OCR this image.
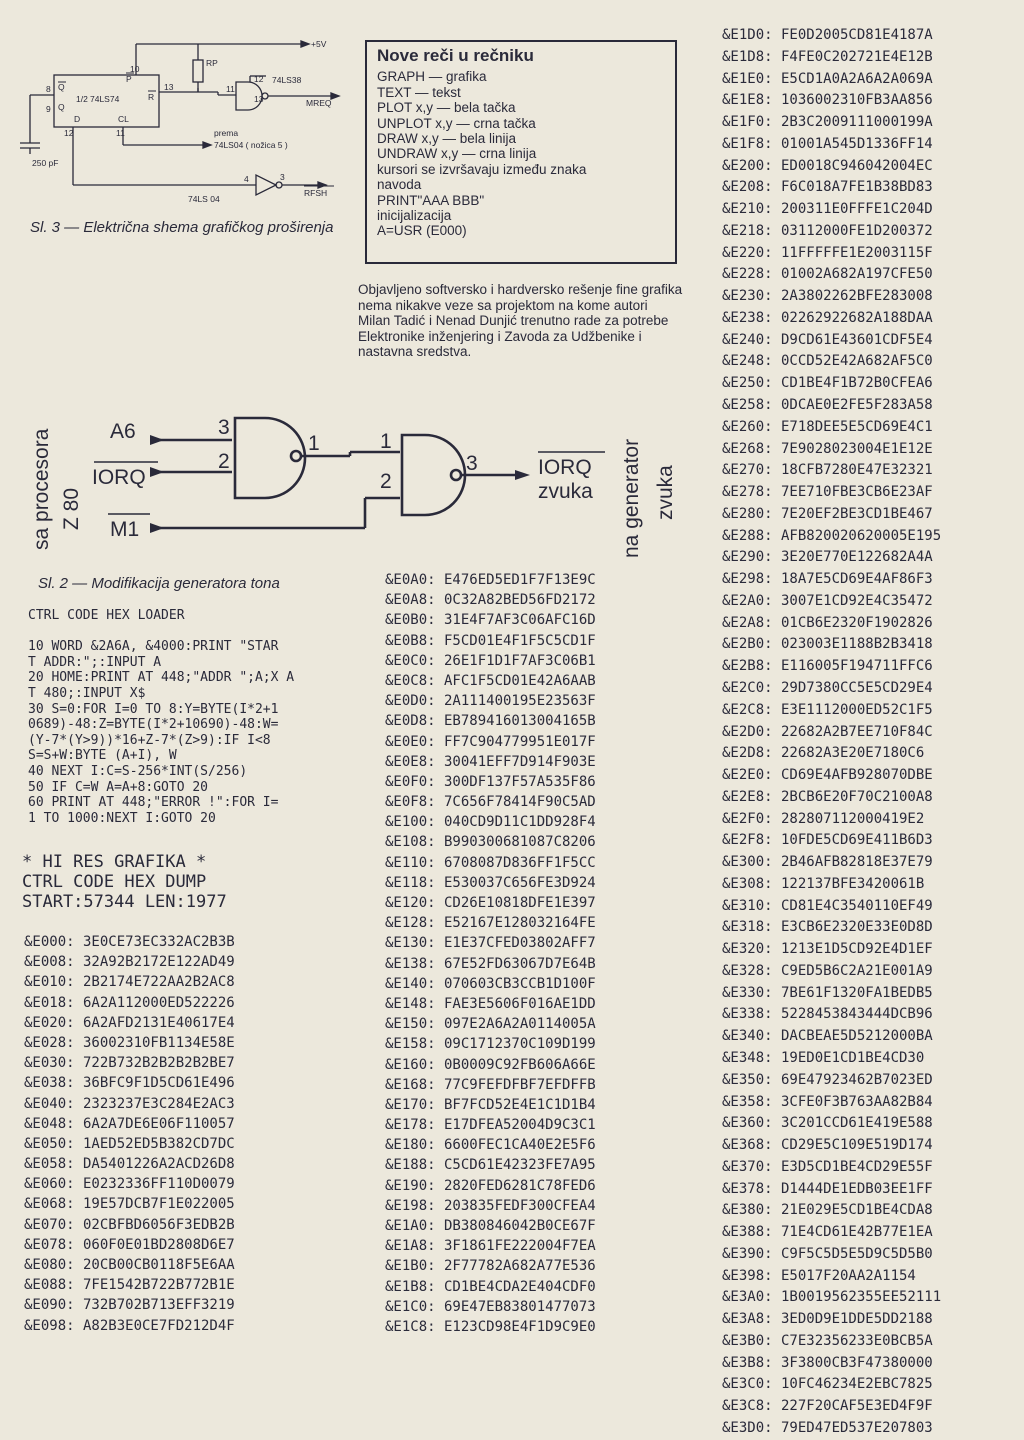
+5V
Q
8
9 Q
10
P
1/2 74LS74	R
13
D	CL
12	11
RP
12
13
74LS38
11
MREQ
prema
74LS04 ( nožica 5 )
4	3
74LS 04
RFSH
250 pF
Sl. 3 — Električna shema grafičkog proširenja
Nove reči u rečniku
GRAPH — grafika
TEXT — tekst
PLOT x,y — bela tačka
UNPLOT x,y — crna tačka
DRAW x,y — bela linija
UNDRAW x,y — crna linija
kursori se izvršavaju između znaka
navoda
PRINT"AAA BBB"
inicijalizacija
A=USR (E000)
Objavljeno softversko i hardversko rešenje fine grafika nema nikakve veze sa projektom na kome autori Milan Tadić i Nenad Dunjić trenutno rade za potrebe Elektronike inženjering i Zavoda za Udžbenike i nastavna sredstva.
sa procesora Z 80
A6
IORQ
M1
3
2
1	1
2
3	IORQ
zvuka na generator zvuka
Sl. 2 — Modifikacija generatora tona
CTRL CODE HEX LOADER

10 WORD &2A6A, &4000:PRINT "STAR
T ADDR:";:INPUT A
20 HOME:PRINT AT 448;"ADDR ";A;X A
T 480;:INPUT X$
30 S=0:FOR I=0 TO 8:Y=BYTE(I*2+1
0689)-48:Z=BYTE(I*2+10690)-48:W=
(Y-7*(Y>9))*16+Z-7*(Z>9):IF I<8
S=S+W:BYTE (A+I), W
40 NEXT I:C=S-256*INT(S/256)
50 IF C=W A=A+8:GOTO 20
60 PRINT AT 448;"ERROR !":FOR I=
1 TO 1000:NEXT I:GOTO 20
* HI RES GRAFIKA *
CTRL CODE HEX DUMP
START:57344 LEN:1977
&E000: 3E0CE73EC332AC2B3B
&E008: 32A92B2172E122AD49
&E010: 2B2174E722AA2B2AC8
&E018: 6A2A112000ED522226
&E020: 6A2AFD2131E40617E4
&E028: 36002310FB1134E58E
&E030: 722B732B2B2B2B2BE7
&E038: 36BFC9F1D5CD61E496
&E040: 2323237E3C284E2AC3
&E048: 6A2A7DE6E06F110057
&E050: 1AED52ED5B382CD7DC
&E058: DA5401226A2ACD26D8
&E060: E0232336FF110D0079
&E068: 19E57DCB7F1E022005
&E070: 02CBFBD6056F3EDB2B
&E078: 060F0E01BD2808D6E7
&E080: 20CB00CB0118F5E6AA
&E088: 7FE1542B722B772B1E
&E090: 732B702B713EFF3219
&E098: A82B3E0CE7FD212D4F
&E0A0: E476ED5ED1F7F13E9C
&E0A8: 0C32A82BED56FD2172
&E0B0: 31E4F7AF3C06AFC16D
&E0B8: F5CD01E4F1F5C5CD1F
&E0C0: 26E1F1D1F7AF3C06B1
&E0C8: AFC1F5CD01E42A6AAB
&E0D0: 2A111400195E23563F
&E0D8: EB789416013004165B
&E0E0: FF7C904779951E017F
&E0E8: 30041EFF7D914F903E
&E0F0: 300DF137F57A535F86
&E0F8: 7C656F78414F90C5AD
&E100: 040CD9D11C1DD928F4
&E108: B990300681087C8206
&E110: 6708087D836FF1F5CC
&E118: E530037C656FE3D924
&E120: CD26E10818DFE1E397
&E128: E52167E128032164FE
&E130: E1E37CFED03802AFF7
&E138: 67E52FD63067D7E64B
&E140: 070603CB3CCB1D100F
&E148: FAE3E5606F016AE1DD
&E150: 097E2A6A2A0114005A
&E158: 09C1712370C109D199
&E160: 0B0009C92FB606A66E
&E168: 77C9FEFDFBF7EFDFFB
&E170: BF7FCD52E4E1C1D1B4
&E178: E17DFEA52004D9C3C1
&E180: 6600FEC1CA40E2E5F6
&E188: C5CD61E42323FE7A95
&E190: 2820FED6281C78FED6
&E198: 203835FEDF300CFEA4
&E1A0: DB380846042B0CE67F
&E1A8: 3F1861FE222004F7EA
&E1B0: 2F77782A682A77E536
&E1B8: CD1BE4CDA2E404CDF0
&E1C0: 69E47EB83801477073
&E1C8: E123CD98E4F1D9C9E0
&E1D0: FE0D2005CD81E4187A
&E1D8: F4FE0C202721E4E12B
&E1E0: E5CD1A0A2A6A2A069A
&E1E8: 1036002310FB3AA856
&E1F0: 2B3C2009111000199A
&E1F8: 01001A545D1336FF14
&E200: ED0018C946042004EC
&E208: F6C018A7FE1B38BD83
&E210: 200311E0FFFE1C204D
&E218: 03112000FE1D200372
&E220: 11FFFFFE1E2003115F
&E228: 01002A682A197CFE50
&E230: 2A3802262BFE283008
&E238: 02262922682A188DAA
&E240: D9CD61E43601CDF5E4
&E248: 0CCD52E42A682AF5C0
&E250: CD1BE4F1B72B0CFEA6
&E258: 0DCAE0E2FE5F283A58
&E260: E718DEE5E5CD69E4C1
&E268: 7E9028023004E1E12E
&E270: 18CFB7280E47E32321
&E278: 7EE710FBE3CB6E23AF
&E280: 7E20EF2BE3CD1BE467
&E288: AFB820020620005E195
&E290: 3E20E770E122682A4A
&E298: 18A7E5CD69E4AF86F3
&E2A0: 3007E1CD92E4C35472
&E2A8: 01CB6E2320F1902826
&E2B0: 023003E1188B2B3418
&E2B8: E116005F194711FFC6
&E2C0: 29D7380CC5E5CD29E4
&E2C8: E3E1112000ED52C1F5
&E2D0: 22682A2B7EE710F84C
&E2D8: 22682A3E20E7180C6
&E2E0: CD69E4AFB928070DBE
&E2E8: 2BCB6E20F70C2100A8
&E2F0: 282807112000419E2
&E2F8: 10FDE5CD69E411B6D3
&E300: 2B46AFB82818E37E79
&E308: 122137BFE3420061B
&E310: CD81E4C3540110EF49
&E318: E3CB6E2320E33E0D8D
&E320: 1213E1D5CD92E4D1EF
&E328: C9ED5B6C2A21E001A9
&E330: 7BE61F1320FA1BEDB5
&E338: 5228453843444DCB96
&E340: DACBEAE5D5212000BA
&E348: 19ED0E1CD1BE4CD30
&E350: 69E47923462B7023ED
&E358: 3CFE0F3B763AA82B84
&E360: 3C201CCD61E419E588
&E368: CD29E5C109E519D174
&E370: E3D5CD1BE4CD29E55F
&E378: D1444DE1EDB03EE1FF
&E380: 21E029E5CD1BE4CDA8
&E388: 71E4CD61E42B77E1EA
&E390: C9F5C5D5E5D9C5D5B0
&E398: E5017F20AA2A1154
&E3A0: 1B0019562355EE52111
&E3A8: 3ED0D9E1DDE5DD2188
&E3B0: C7E32356233E0BCB5A
&E3B8: 3F3800CB3F47380000
&E3C0: 10FC46234E2EBC7825
&E3C8: 227F20CAF5E3ED4F9F
&E3D0: 79ED47ED537E207803
